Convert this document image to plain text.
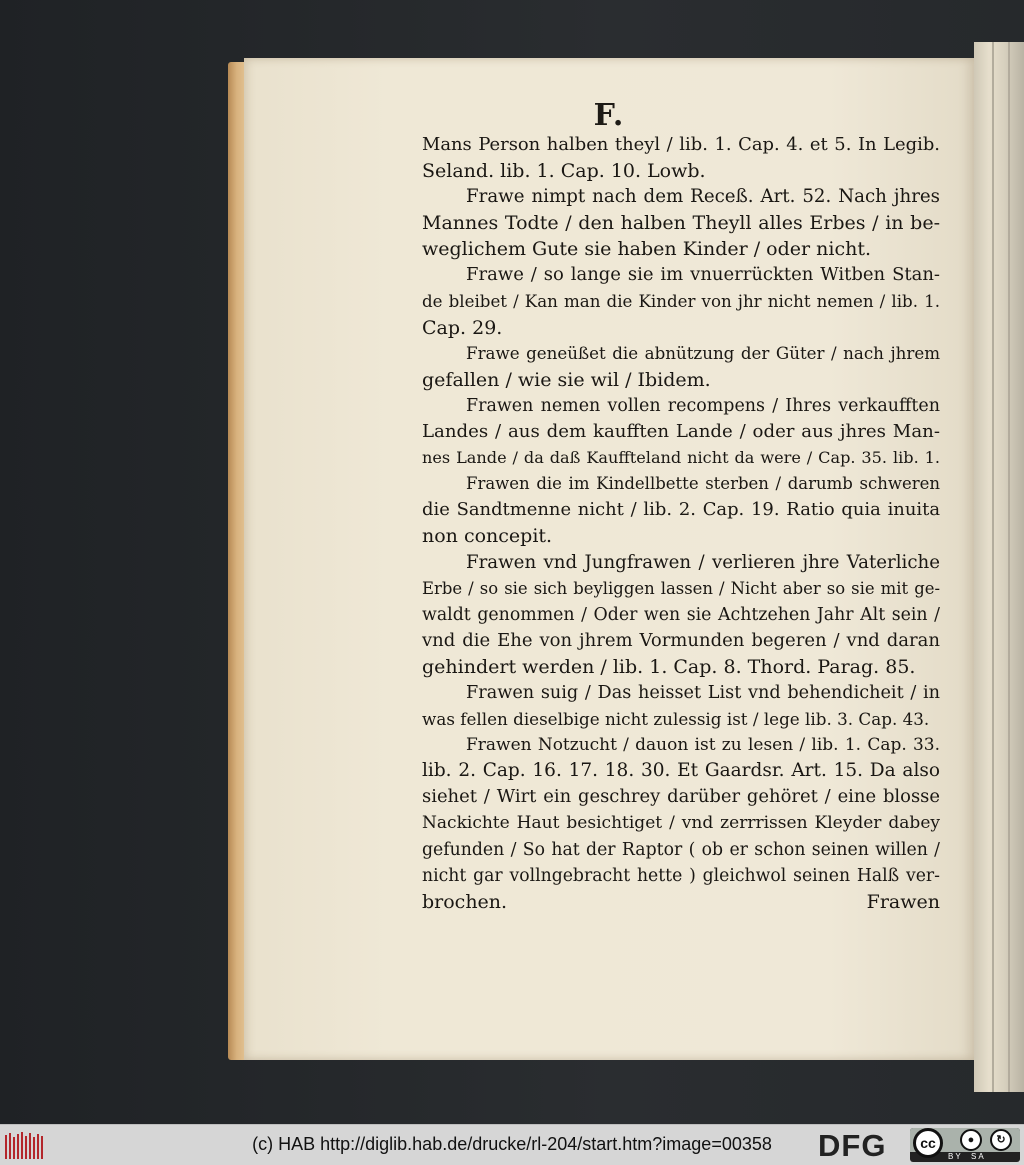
F.
Mans Person halben theyl / lib. 1. Cap. 4. et 5. In Legib.
Seland. lib. 1. Cap. 10. Lowb.
Frawe nimpt nach dem Receß. Art. 52. Nach jhres
Mannes Todte / den halben Theyll alles Erbes / in be-
weglichem Gute sie haben Kinder / oder nicht.
Frawe / so lange sie im vnuerrückten Witben Stan-
de bleibet / Kan man die Kinder von jhr nicht nemen / lib. 1.
Cap. 29.
Frawe geneüßet die abnützung der Güter / nach jhrem
gefallen / wie sie wil / Ibidem.
Frawen nemen vollen recompens / Ihres verkaufften
Landes / aus dem kaufften Lande / oder aus jhres Man-
nes Lande / da daß Kauffteland nicht da were / Cap. 35. lib. 1.
Frawen die im Kindellbette sterben / darumb schweren
die Sandtmenne nicht / lib. 2. Cap. 19. Ratio quia inuita
non concepit.
Frawen vnd Jungfrawen / verlieren jhre Vaterliche
Erbe / so sie sich beyliggen lassen / Nicht aber so sie mit ge-
waldt genommen / Oder wen sie Achtzehen Jahr Alt sein /
vnd die Ehe von jhrem Vormunden begeren / vnd daran
gehindert werden / lib. 1. Cap. 8. Thord. Parag. 85.
Frawen suig / Das heisset List vnd behendicheit / in
was fellen dieselbige nicht zulessig ist / lege lib. 3. Cap. 43.
Frawen Notzucht / dauon ist zu lesen / lib. 1. Cap. 33.
lib. 2. Cap. 16. 17. 18. 30. Et Gaardsr. Art. 15. Da also
siehet / Wirt ein geschrey darüber gehöret / eine blosse
Nackichte Haut besichtiget / vnd zerrrissen Kleyder dabey
gefunden / So hat der Raptor ( ob er schon seinen willen /
nicht gar vollngebracht hette ) gleichwol seinen Halß ver-
brochen.	Frawen
(c) HAB http://diglib.hab.de/drucke/rl-204/start.htm?image=00358	DFG	cc	●	↻
BY SA
